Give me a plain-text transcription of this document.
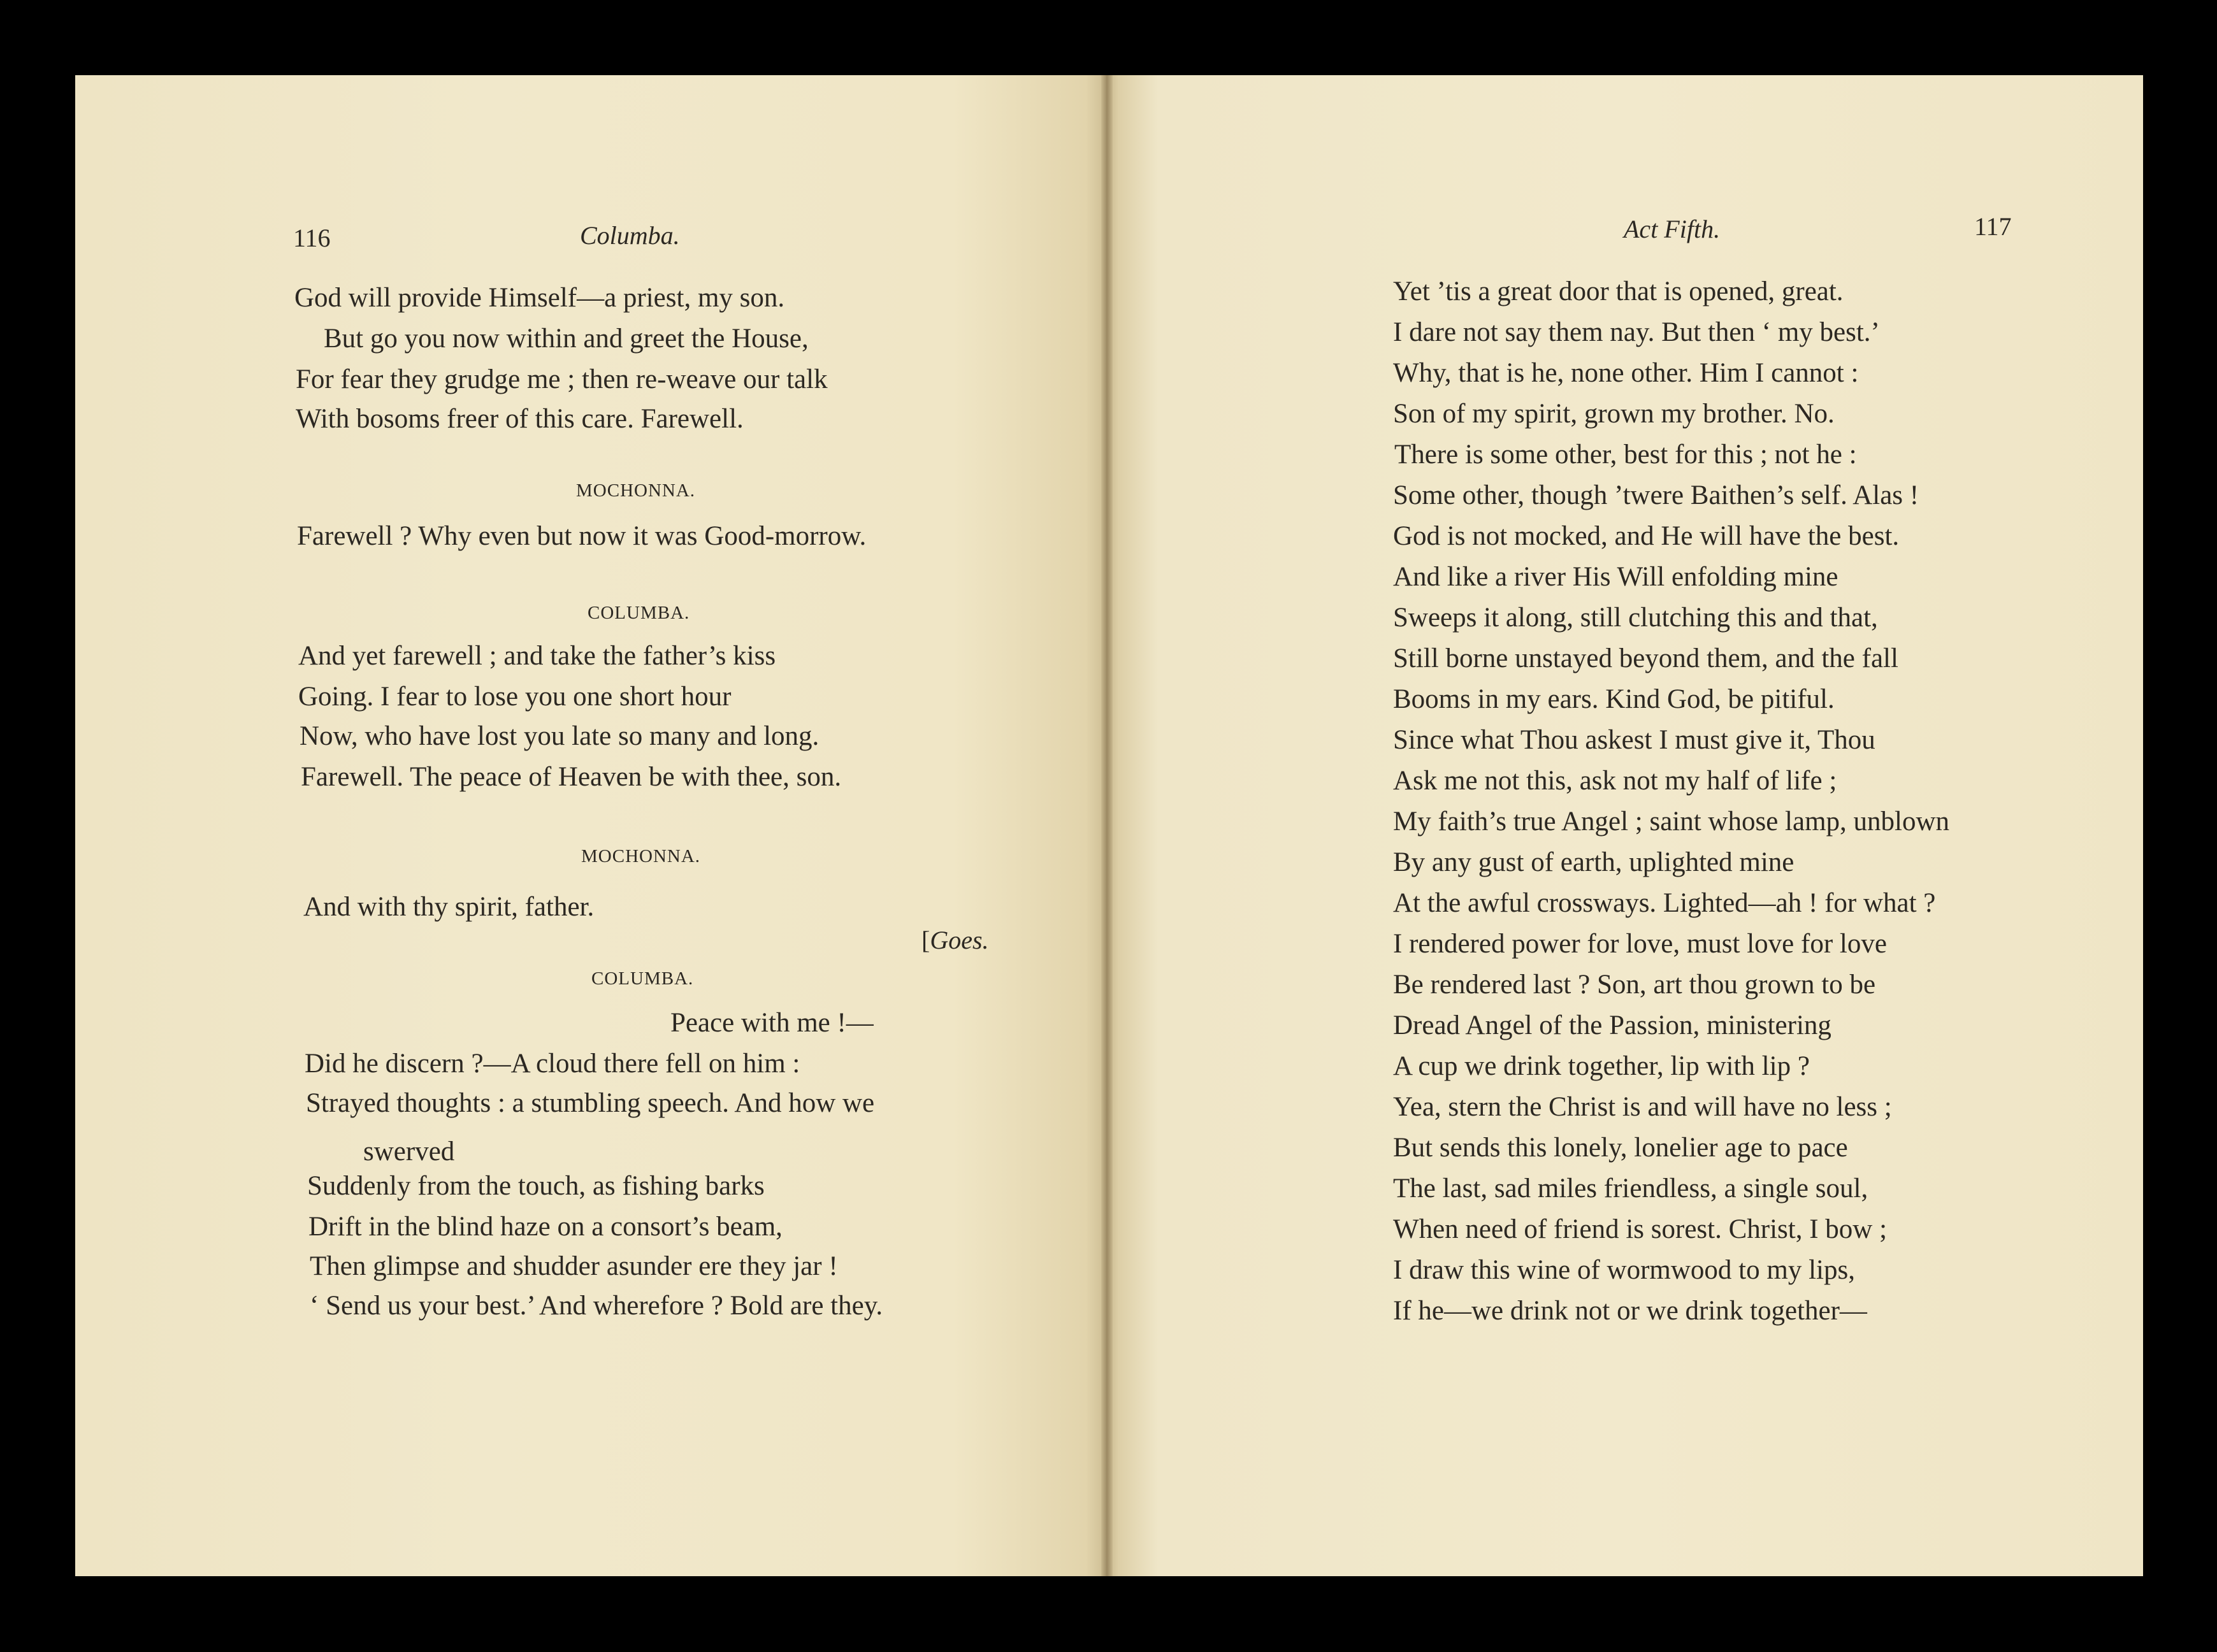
116	Columba.
God will provide Himself—a priest, my son.
But go you now within and greet the House,
For fear they grudge me ; then re-weave our talk
With bosoms freer of this care. Farewell.
MOCHONNA.
Farewell ? Why even but now it was Good-morrow.
COLUMBA.
And yet farewell ; and take the father’s kiss
Going. I fear to lose you one short hour
Now, who have lost you late so many and long.
Farewell. The peace of Heaven be with thee, son.
MOCHONNA.
And with thy spirit, father.
[Goes.
COLUMBA.
Peace with me !—
Did he discern ?—A cloud there fell on him :
Strayed thoughts : a stumbling speech. And how we
swerved
Suddenly from the touch, as fishing barks
Drift in the blind haze on a consort’s beam,
Then glimpse and shudder asunder ere they jar !
‘ Send us your best.’ And wherefore ? Bold are they.
Act Fifth.	117
Yet ’tis a great door that is opened, great.
I dare not say them nay. But then ‘ my best.’
Why, that is he, none other. Him I cannot :
Son of my spirit, grown my brother. No.
There is some other, best for this ; not he :
Some other, though ’twere Baithen’s self. Alas !
God is not mocked, and He will have the best.
And like a river His Will enfolding mine
Sweeps it along, still clutching this and that,
Still borne unstayed beyond them, and the fall
Booms in my ears. Kind God, be pitiful.
Since what Thou askest I must give it, Thou
Ask me not this, ask not my half of life ;
My faith’s true Angel ; saint whose lamp, unblown
By any gust of earth, uplighted mine
At the awful crossways. Lighted—ah ! for what ?
I rendered power for love, must love for love
Be rendered last ? Son, art thou grown to be
Dread Angel of the Passion, ministering
A cup we drink together, lip with lip ?
Yea, stern the Christ is and will have no less ;
But sends this lonely, lonelier age to pace
The last, sad miles friendless, a single soul,
When need of friend is sorest. Christ, I bow ;
I draw this wine of wormwood to my lips,
If he—we drink not or we drink together—
